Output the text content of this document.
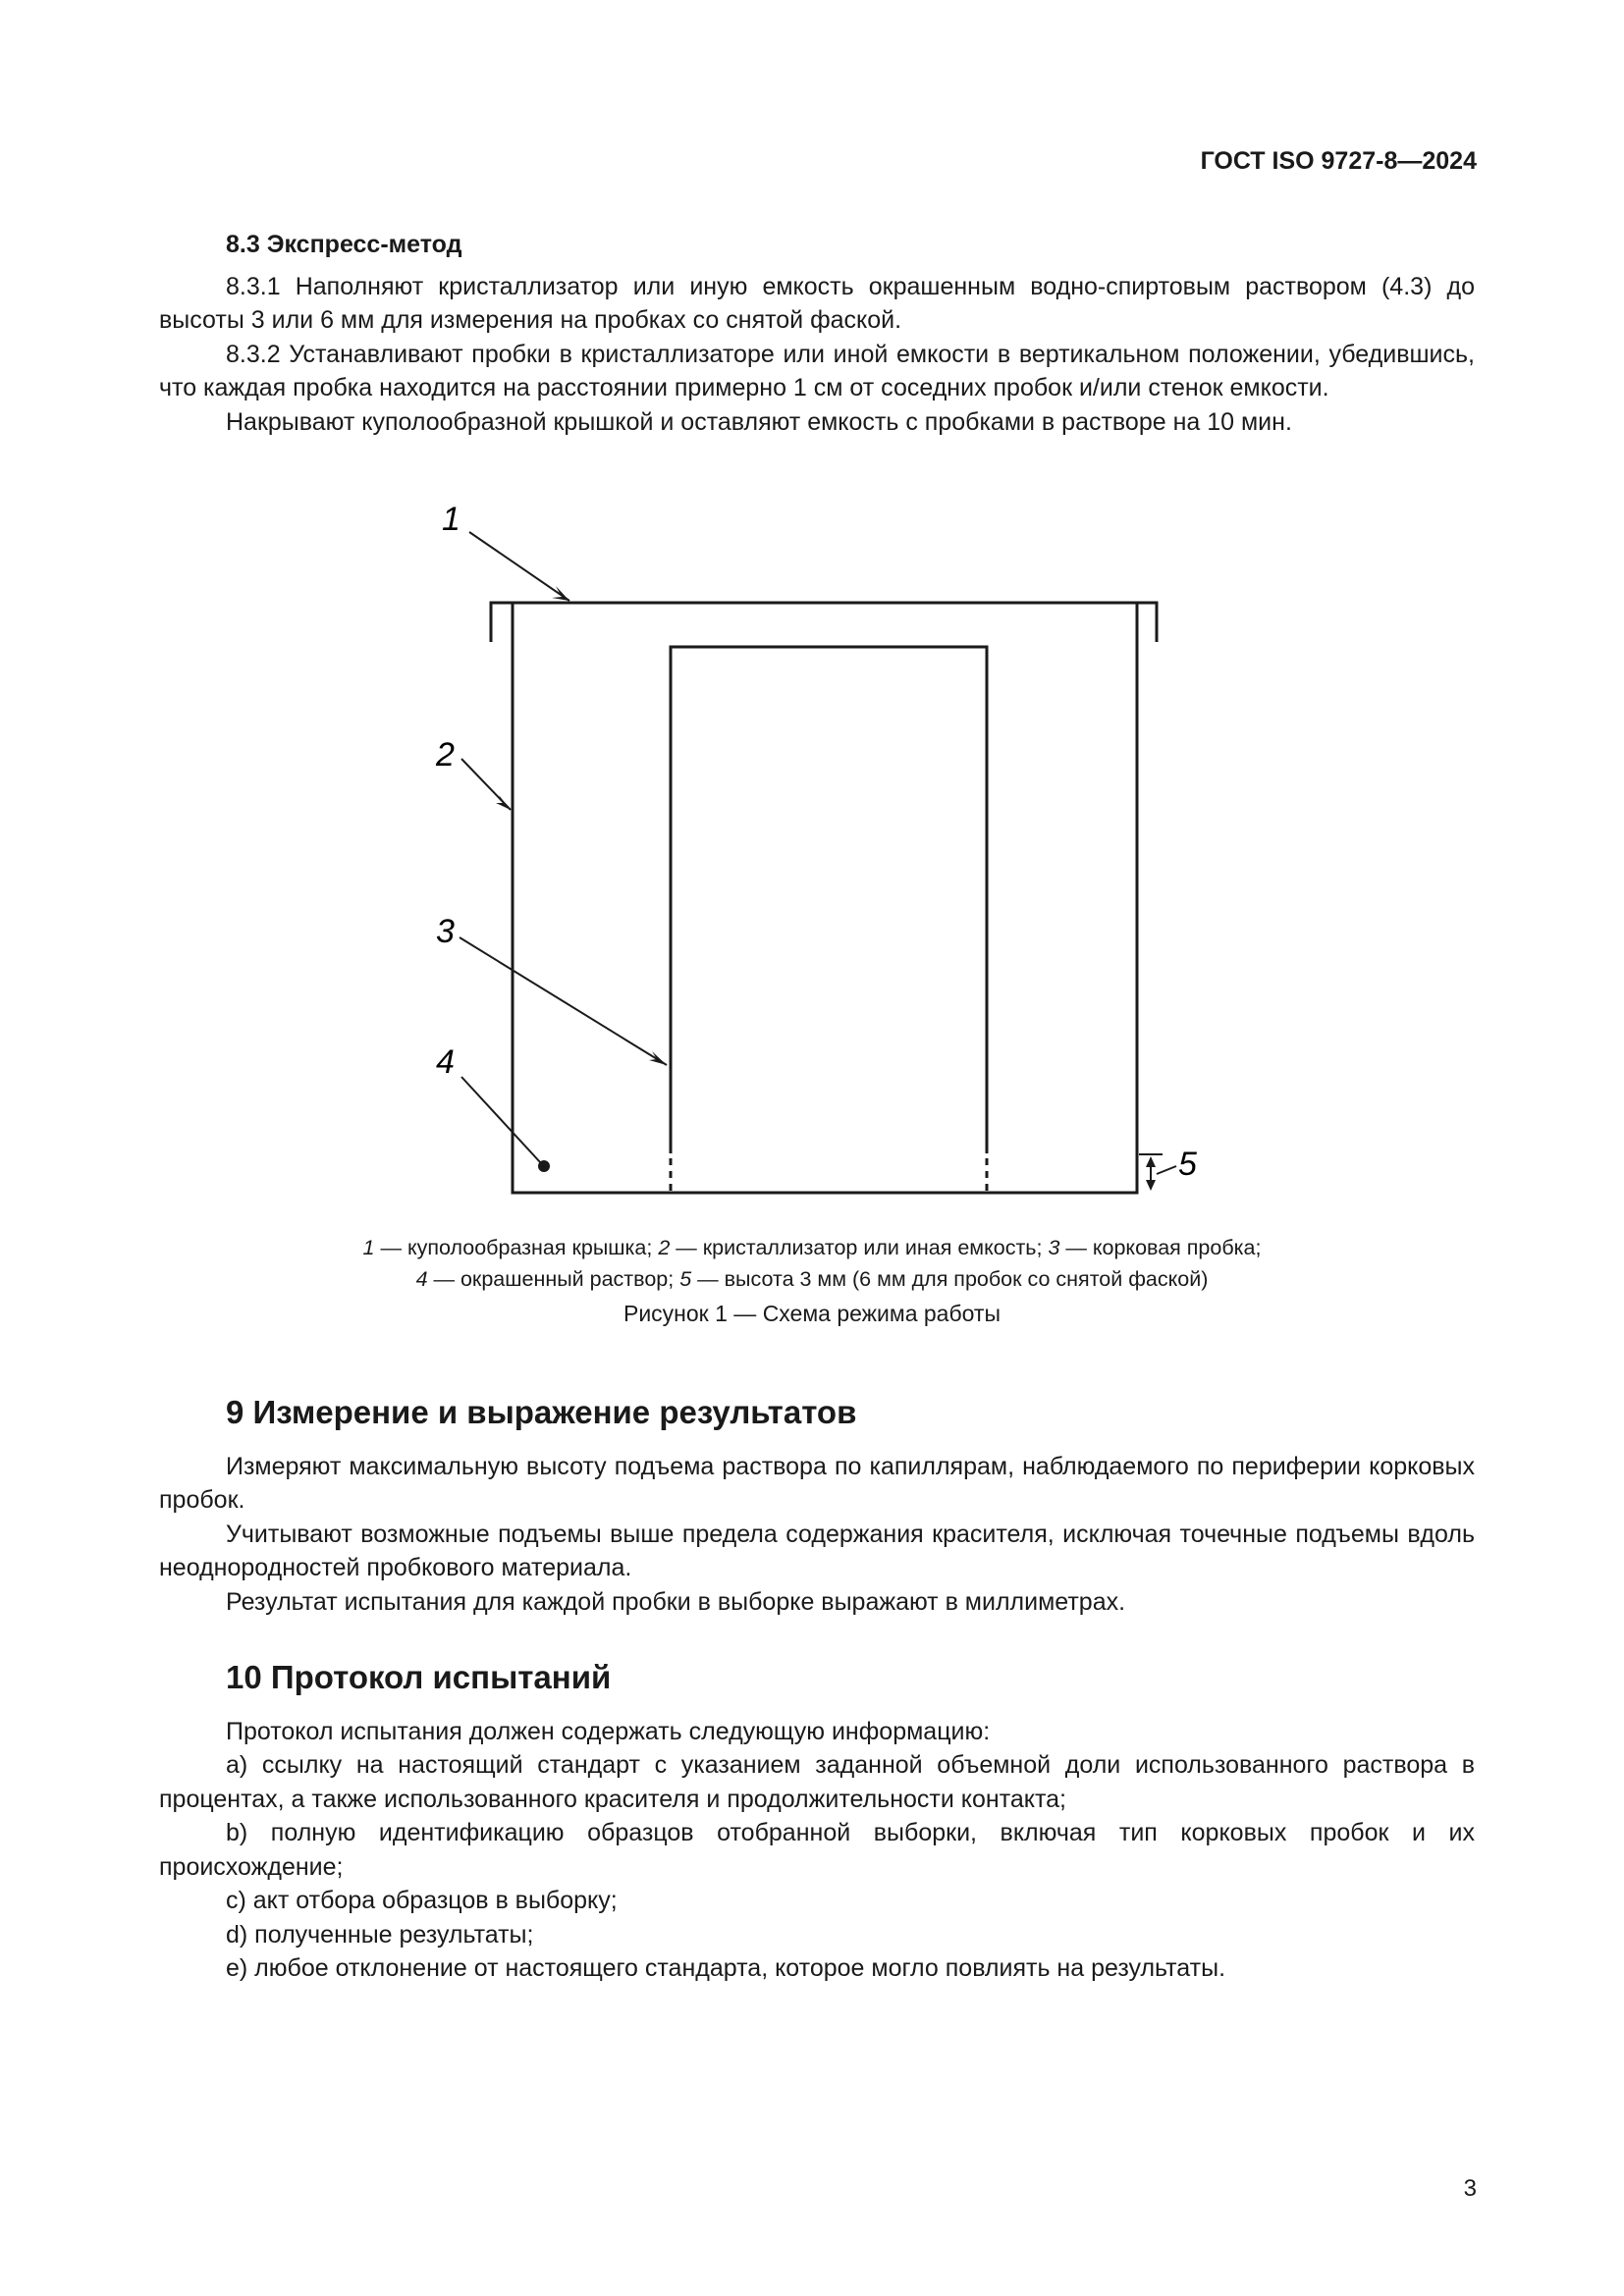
ГОСТ ISO 9727-8—2024

8.3 Экспресс-метод

8.3.1 Наполняют кристаллизатор или иную емкость окрашенным водно-спиртовым раствором (4.3) до высоты 3 или 6 мм для измерения на пробках со снятой фаской.

8.3.2 Устанавливают пробки в кристаллизаторе или иной емкости в вертикальном положении, убедившись, что каждая пробка находится на расстоянии примерно 1 см от соседних пробок и/или стенок емкости.

Накрывают куполообразной крышкой и оставляют емкость с пробками в растворе на 10 мин.

1
2
3
4
5
1 — куполообразная крышка; 2 — кристаллизатор или иная емкость; 3 — корковая пробка;
4 — окрашенный раствор; 5 — высота 3 мм (6 мм для пробок со снятой фаской)
Рисунок 1 — Схема режима работы

9 Измерение и выражение результатов

Измеряют максимальную высоту подъема раствора по капиллярам, наблюдаемого по периферии корковых пробок.

Учитывают возможные подъемы выше предела содержания красителя, исключая точечные подъемы вдоль неоднородностей пробкового материала.

Результат испытания для каждой пробки в выборке выражают в миллиметрах.

10 Протокол испытаний

Протокол испытания должен содержать следующую информацию:

a) ссылку на настоящий стандарт с указанием заданной объемной доли использованного раствора в процентах, а также использованного красителя и продолжительности контакта;

b) полную идентификацию образцов отобранной выборки, включая тип корковых пробок и их происхождение;

c) акт отбора образцов в выборку;

d) полученные результаты;

e) любое отклонение от настоящего стандарта, которое могло повлиять на результаты.

3
